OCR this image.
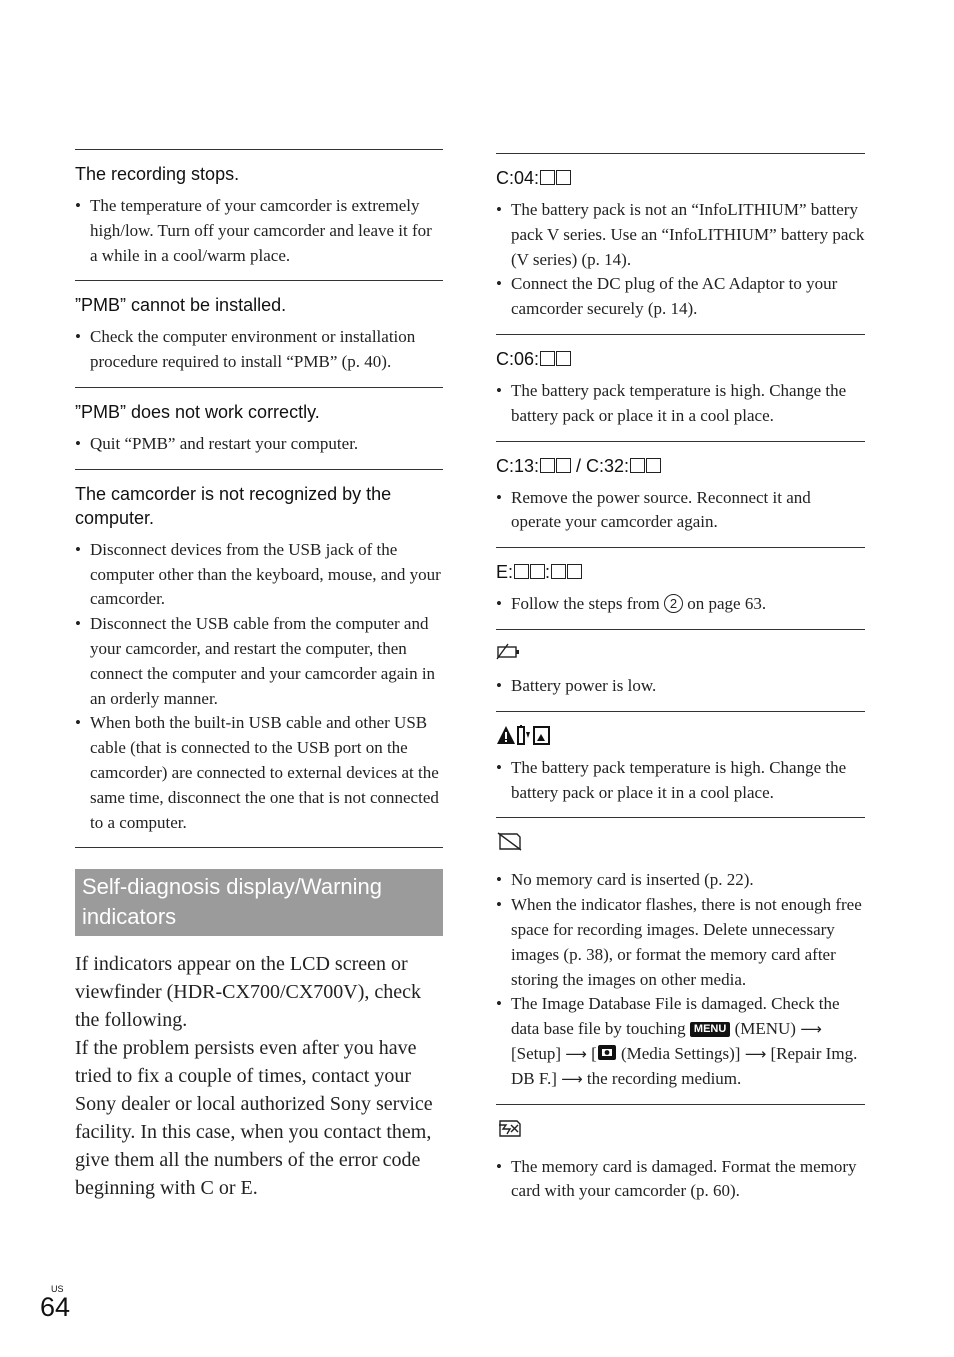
The recording stops.
• The temperature of your camcorder is extremely high/low. Turn off your camcorder and leave it for a while in a cool/warm place.
”PMB” cannot be installed.
• Check the computer environment or installation procedure required to install “PMB” (p. 40).
”PMB” does not work correctly.
• Quit “PMB” and restart your computer.
The camcorder is not recognized by the computer.
• Disconnect devices from the USB jack of the computer other than the keyboard, mouse, and your camcorder.
• Disconnect the USB cable from the computer and your camcorder, and restart the computer, then connect the computer and your camcorder again in an orderly manner.
• When both the built-in USB cable and other USB cable (that is connected to the USB port on the camcorder) are connected to external devices at the same time, disconnect the one that is not connected to a computer.
Self-diagnosis display/Warning indicators

If indicators appear on the LCD screen or viewfinder (HDR-CX700/CX700V), check the following.

If the problem persists even after you have tried to fix a couple of times, contact your Sony dealer or local authorized Sony service facility. In this case, when you contact them, give them all the numbers of the error code beginning with C or E.

C:04:
• The battery pack is not an “InfoLITHIUM” battery pack V series. Use an “InfoLITHIUM” battery pack (V series) (p. 14).
• Connect the DC plug of the AC Adaptor to your camcorder securely (p. 14).
C:06:
• The battery pack temperature is high. Change the battery pack or place it in a cool place.
C:13: / C:32:
• Remove the power source. Reconnect it and operate your camcorder again.
E: :
• Follow the steps from 2 on page 63.
• Battery power is low.
• The battery pack temperature is high. Change the battery pack or place it in a cool place.
• No memory card is inserted (p. 22).
• When the indicator flashes, there is not enough free space for recording images. Delete unnecessary images (p. 38), or format the memory card after storing the images on other media.
• The Image Database File is damaged. Check the data base file by touching MENU (MENU) ⟶ [Setup] ⟶ [ (Media Settings)] ⟶ [Repair Img. DB F.] ⟶ the recording medium.
• The memory card is damaged. Format the memory card with your camcorder (p. 60).
US
64
